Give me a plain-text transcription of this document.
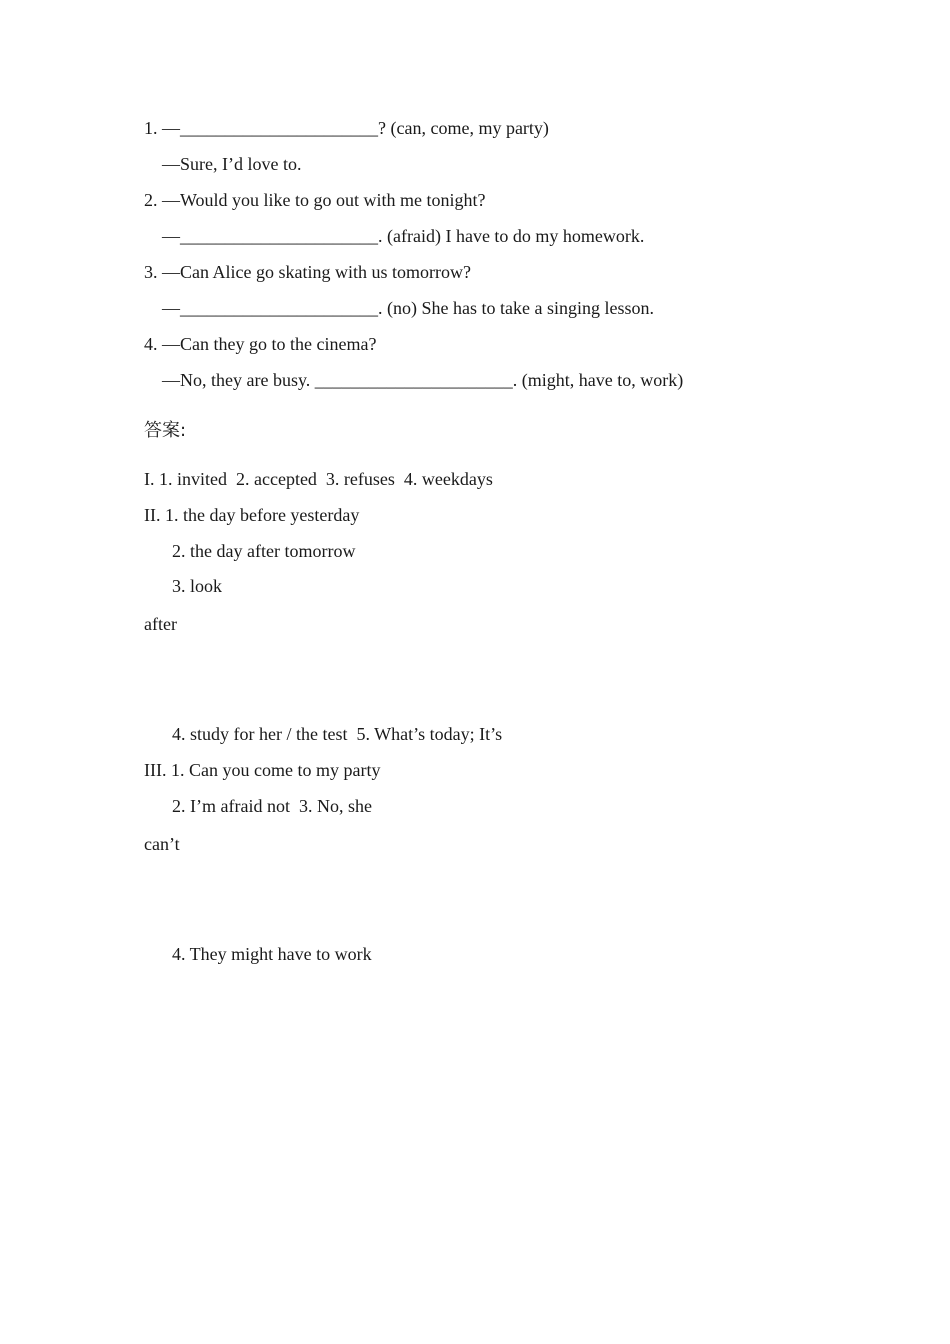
1. —______________________? (can, come, my party)
—Sure, I’d love to.
2. —Would you like to go out with me tonight?
—______________________. (afraid) I have to do my homework.
3. —Can Alice go skating with us tomorrow?
—______________________. (no) She has to take a singing lesson.
4. —Can they go to the cinema?
—No, they are busy. ______________________. (might, have to, work)
答案:
I. 1. invited  2. accepted  3. refuses  4. weekdays
II. 1. the day before yesterday
2. the day after tomorrow
3. look
after
4. study for her / the test  5. What’s today; It’s
III. 1. Can you come to my party
2. I’m afraid not  3. No, she
can’t
4. They might have to work
